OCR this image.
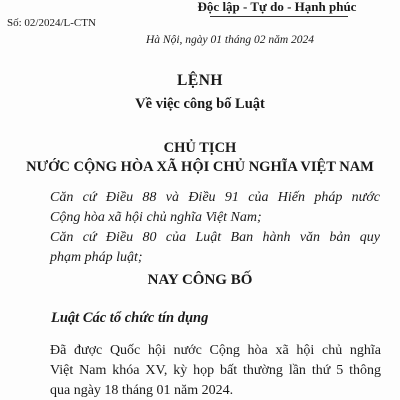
Độc lập - Tự do - Hạnh phúc
Số: 02/2024/L-CTN
Hà Nội, ngày 01 tháng 02 năm 2024
LỆNH
Về việc công bố Luật
CHỦ TỊCH
NƯỚC CỘNG HÒA XÃ HỘI CHỦ NGHĨA VIỆT NAM
Căn cứ Điều 88 và Điều 91 của Hiến pháp nước
Cộng hòa xã hội chủ nghĩa Việt Nam;
Căn cứ Điều 80 của Luật Ban hành văn bản quy
phạm pháp luật;
NAY CÔNG BỐ
Luật Các tổ chức tín dụng
Đã được Quốc hội nước Cộng hòa xã hội chủ nghĩa
Việt Nam khóa XV, kỳ họp bất thường lần thứ 5 thông
qua ngày 18 tháng 01 năm 2024.
